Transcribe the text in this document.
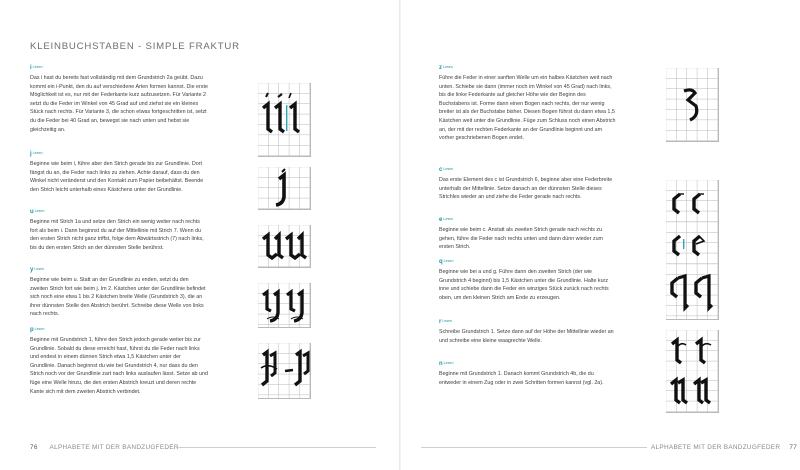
KLEINBUCHSTABEN - SIMPLE FRAKTUR
iLesen
Das i hast du bereits fast vollständig mit dem Grundstrich 2a geübt. Dazu kommt ein i-Punkt, den du auf verschiedene Arten formen kannst. Die erste Möglichkeit ist es, nur mit der Federkante kurz aufzusetzen. Für Variante 2 setzt du die Feder im Winkel von 45 Grad auf und ziehst sie ein kleines Stück nach rechts. Für Variante 3, die schon etwas fortgeschritten ist, setzt du die Feder bei 40 Grad an, bewegst sie nach unten und hebst sie gleichzeitig an.
jLesen
Beginne wie beim i, führe aber den Strich gerade bis zur Grundlinie. Dort fängst du an, die Feder nach links zu ziehen. Achte darauf, dass du den Winkel nicht veränderst und den Kontakt zum Papier beibehältst. Beende den Strich leicht unterhalb eines Kästchens unter der Grundlinie.
uLesen
Beginne mit Strich 1a und setze den Strich ein wenig weiter nach rechts fort als beim i. Dann beginnst du auf der Mittellinie mit Strich 7. Wenn du den ersten Strich nicht ganz triffst, folge dem Abwärtsstrich (7) nach links, bis du den ersten Strich an der dünnsten Stelle berührst.
yLesen
Beginne wie beim u. Statt an der Grundlinie zu enden, setzt du den zweiten Strich fort wie beim j. Im 2. Kästchen unter der Grundlinie befindet sich noch eine etwa 1 bis 2 Kästchen breite Welle (Grundstrich 3), die an ihrer dünnsten Stelle den Abstrich berührt. Schreibe diese Welle von links nach rechts.
pLesen
Beginne mit Grundstrich 1, führe den Strich jedoch gerade weiter bis zur Grundlinie. Sobald du diese erreicht hast, führst du die Feder nach links und endest in einem dünnen Strich etwa 1,5 Kästchen unter der Grundlinie. Danach beginnst du wie bei Grundstrich 4, nur dass du den Strich noch vor der Grundlinie zart nach links auslaufen lässt. Setze ab und füge eine Welle hinzu, die den ersten Abstrich kreuzt und deren rechte Kante sich mit dem zweiten Abstrich verbindet.
zLesen
Führe die Feder in einer sanften Welle um ein halbes Kästchen weit nach unten. Schiebe sie dann (immer noch im Winkel von 45 Grad) nach links, bis die linke Federkante auf gleicher Höhe wie der Beginn des Buchstabens ist. Forme dann einen Bogen nach rechts, der nur wenig breiter ist als der Buchstabe bisher. Diesen Bogen führst du dann etwa 1,5 Kästchen weit unter die Grundlinie. Füge zum Schluss noch einen Abstrich an, der mit der rechten Federkante an der Grundlinie beginnt und am vorher geschriebenen Bogen endet.
cLesen
Das erste Element des c ist Grundstrich 6, beginne aber eine Federbreite unterhalb der Mittellinie. Setze danach an der dünnsten Stelle dieses Strichles wieder an und ziehe die Feder gerade nach rechts.
eLesen
Beginne wie beim c. Anstatt als zweiten Strich gerade nach rechts zu gehen, führe die Feder nach rechts unten und dann dünn wieder zum ersten Strich.
qLesen
Beginne wie bei a und g. Führe dann den zweiten Strich (der wie Grundstrich 4 beginnt) bis 1,5 Kästchen unter die Grundlinie. Halte kurz inne und schiebe dann die Feder ein winziges Stück zurück nach rechts oben, um den kleinen Strich am Ende zu erzeugen.
rLesen
Schreibe Grundstrich 1. Setze dann auf der Höhe der Mittellinie wieder an und schreibe eine kleine waagrechte Welle.
nLesen
Beginne mit Grundstrich 1. Danach kommt Grundstrich 4b, die du entweder in einem Zug oder in zwei Schritten formen kannst (vgl. 2a).
76 ALPHABETE MIT DER BANDZUGFEDER	ALPHABETE MIT DER BANDZUGFEDER 77
